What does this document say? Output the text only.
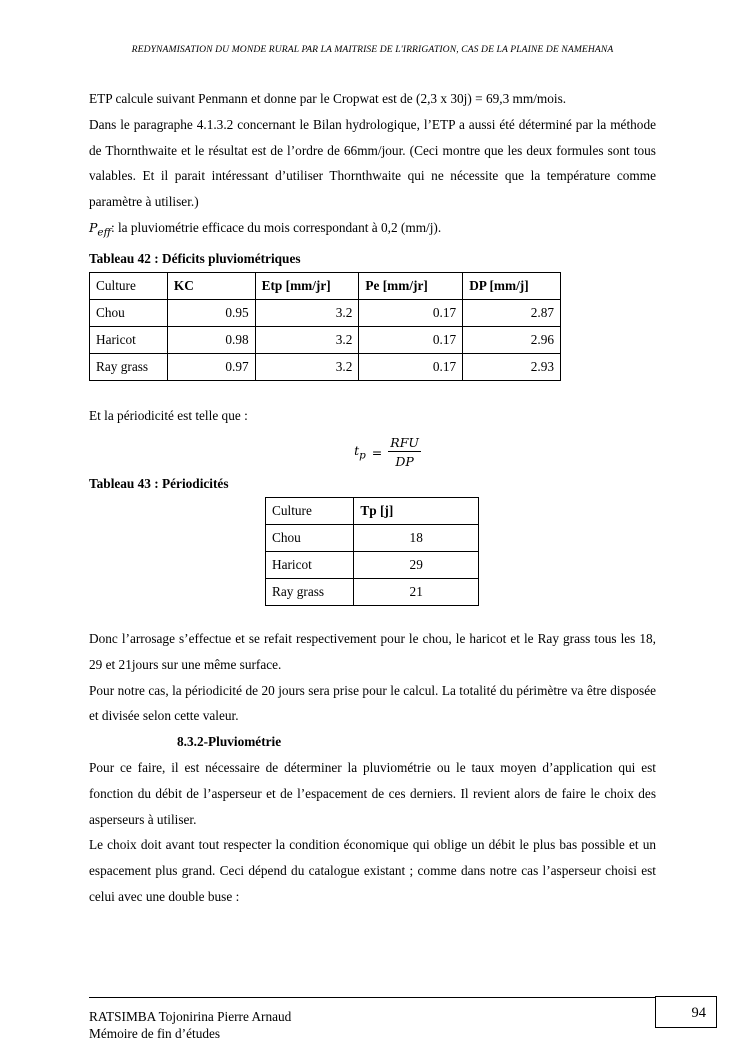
REDYNAMISATION DU MONDE RURAL PAR LA MAITRISE DE L'IRRIGATION, CAS DE LA PLAINE DE NAMEHANA

ETP calcule suivant Penmann et donne par le Cropwat est de (2,3 x 30j) = 69,3 mm/mois.

Dans le paragraphe 4.1.3.2 concernant le Bilan hydrologique, l’ETP a aussi été déterminé par la méthode de Thornthwaite et le résultat est de l’ordre de 66mm/jour. (Ceci montre que les deux formules sont tous valables. Et il parait intéressant d’utiliser Thornthwaite qui ne nécessite que la température comme paramètre à utiliser.)

$P_{eff}$: la pluviométrie efficace du mois correspondant à 0,2 (mm/j).

Tableau 42 : Déficits pluviométriques

Culture	KC	Etp [mm/jr]	Pe [mm/jr]	DP [mm/j]
Chou	0.95	3.2	0.17	2.87
Haricot	0.98	3.2	0.17	2.96
Ray grass	0.97	3.2	0.17	2.93

Et la périodicité est telle que :

$t_p = \frac{\text{RFU}}{DP}$

Tableau 43 : Périodicités

Culture	Tp [j]
Chou	18
Haricot	29
Ray grass	21

Donc l’arrosage s’effectue et se refait respectivement pour le chou, le haricot et le Ray grass tous les 18, 29 et 21jours sur une même surface.

Pour notre cas, la périodicité de 20 jours sera prise pour le calcul. La totalité du périmètre va être disposée et divisée selon cette valeur.

8.3.2-Pluviométrie

Pour ce faire, il est nécessaire de déterminer la pluviométrie ou le taux moyen d’application qui est fonction du débit de l’asperseur et de l’espacement de ces derniers. Il revient alors de faire le choix des asperseurs à utiliser.

Le choix doit avant tout respecter la condition économique qui oblige un débit le plus bas possible et un espacement plus grand. Ceci dépend du catalogue existant ; comme dans notre cas l’asperseur choisi est celui avec une double buse :

RATSIMBA Tojonirina Pierre Arnaud
Mémoire de fin d’études
94
